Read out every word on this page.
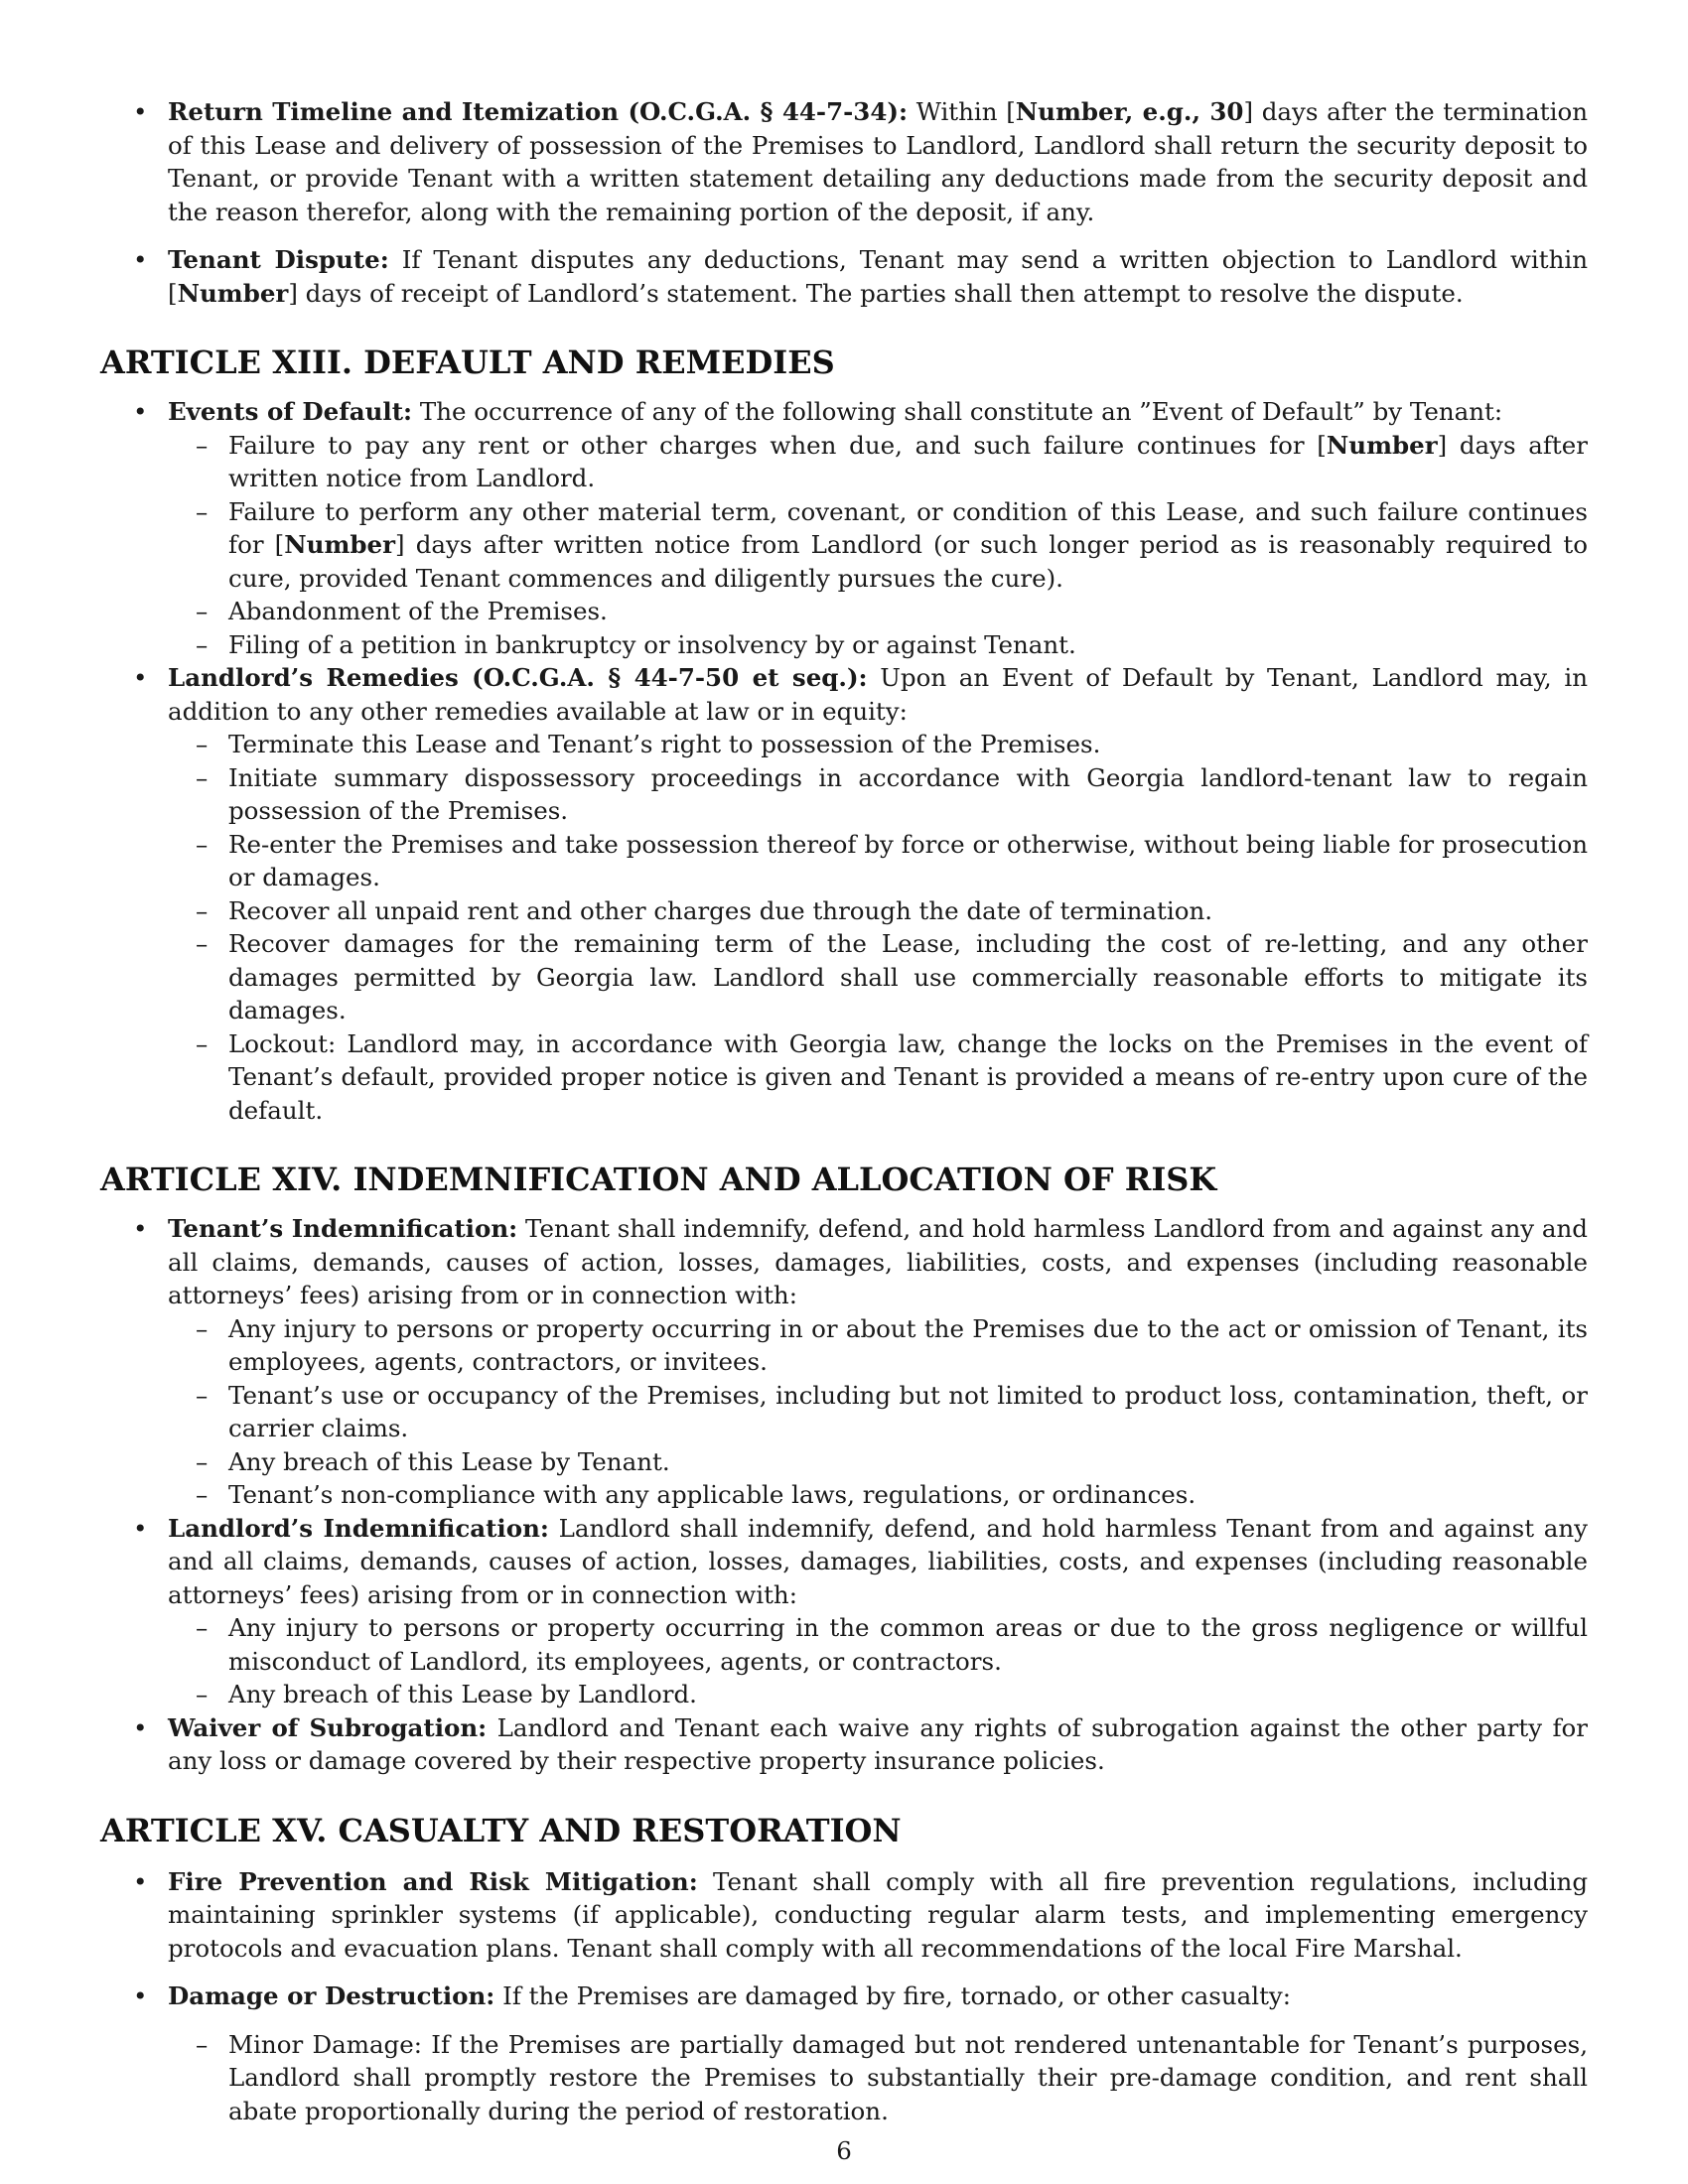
• Return Timeline and Itemization (O.C.G.A. § 44-7-34): Within [Number, e.g., 30] days after the termination of this Lease and delivery of possession of the Premises to Landlord, Landlord shall return the security deposit to Tenant, or provide Tenant with a written statement detailing any deductions made from the security deposit and the reason therefor, along with the remaining portion of the deposit, if any.
• Tenant Dispute: If Tenant disputes any deductions, Tenant may send a written objection to Landlord within [Number] days of receipt of Landlord’s statement. The parties shall then attempt to resolve the dispute.
ARTICLE XIII. DEFAULT AND REMEDIES
• Events of Default: The occurrence of any of the following shall constitute an ”Event of Default” by Tenant:
– Failure to pay any rent or other charges when due, and such failure continues for [Number] days after written notice from Landlord.
– Failure to perform any other material term, covenant, or condition of this Lease, and such failure continues for [Number] days after written notice from Landlord (or such longer period as is reasonably required to cure, provided Tenant commences and diligently pursues the cure).
– Abandonment of the Premises.
– Filing of a petition in bankruptcy or insolvency by or against Tenant.
• Landlord’s Remedies (O.C.G.A. § 44-7-50 et seq.): Upon an Event of Default by Tenant, Landlord may, in addition to any other remedies available at law or in equity:
– Terminate this Lease and Tenant’s right to possession of the Premises.
– Initiate summary dispossessory proceedings in accordance with Georgia landlord-tenant law to regain possession of the Premises.
– Re-enter the Premises and take possession thereof by force or otherwise, without being liable for prosecution or damages.
– Recover all unpaid rent and other charges due through the date of termination.
– Recover damages for the remaining term of the Lease, including the cost of re-letting, and any other damages permitted by Georgia law. Landlord shall use commercially reasonable efforts to mitigate its damages.
– Lockout: Landlord may, in accordance with Georgia law, change the locks on the Premises in the event of Tenant’s default, provided proper notice is given and Tenant is provided a means of re-entry upon cure of the default.
ARTICLE XIV. INDEMNIFICATION AND ALLOCATION OF RISK
• Tenant’s Indemnification: Tenant shall indemnify, defend, and hold harmless Landlord from and against any and all claims, demands, causes of action, losses, damages, liabilities, costs, and expenses (including reasonable attorneys’ fees) arising from or in connection with:
– Any injury to persons or property occurring in or about the Premises due to the act or omission of Tenant, its employees, agents, contractors, or invitees.
– Tenant’s use or occupancy of the Premises, including but not limited to product loss, contamination, theft, or carrier claims.
– Any breach of this Lease by Tenant.
– Tenant’s non-compliance with any applicable laws, regulations, or ordinances.
• Landlord’s Indemnification: Landlord shall indemnify, defend, and hold harmless Tenant from and against any and all claims, demands, causes of action, losses, damages, liabilities, costs, and expenses (including reasonable attorneys’ fees) arising from or in connection with:
– Any injury to persons or property occurring in the common areas or due to the gross negligence or willful misconduct of Landlord, its employees, agents, or contractors.
– Any breach of this Lease by Landlord.
• Waiver of Subrogation: Landlord and Tenant each waive any rights of subrogation against the other party for any loss or damage covered by their respective property insurance policies.
ARTICLE XV. CASUALTY AND RESTORATION
• Fire Prevention and Risk Mitigation: Tenant shall comply with all fire prevention regulations, including maintaining sprinkler systems (if applicable), conducting regular alarm tests, and implementing emergency protocols and evacuation plans. Tenant shall comply with all recommendations of the local Fire Marshal.
• Damage or Destruction: If the Premises are damaged by fire, tornado, or other casualty:
– Minor Damage: If the Premises are partially damaged but not rendered untenantable for Tenant’s purposes, Landlord shall promptly restore the Premises to substantially their pre-damage condition, and rent shall abate proportionally during the period of restoration.
6
